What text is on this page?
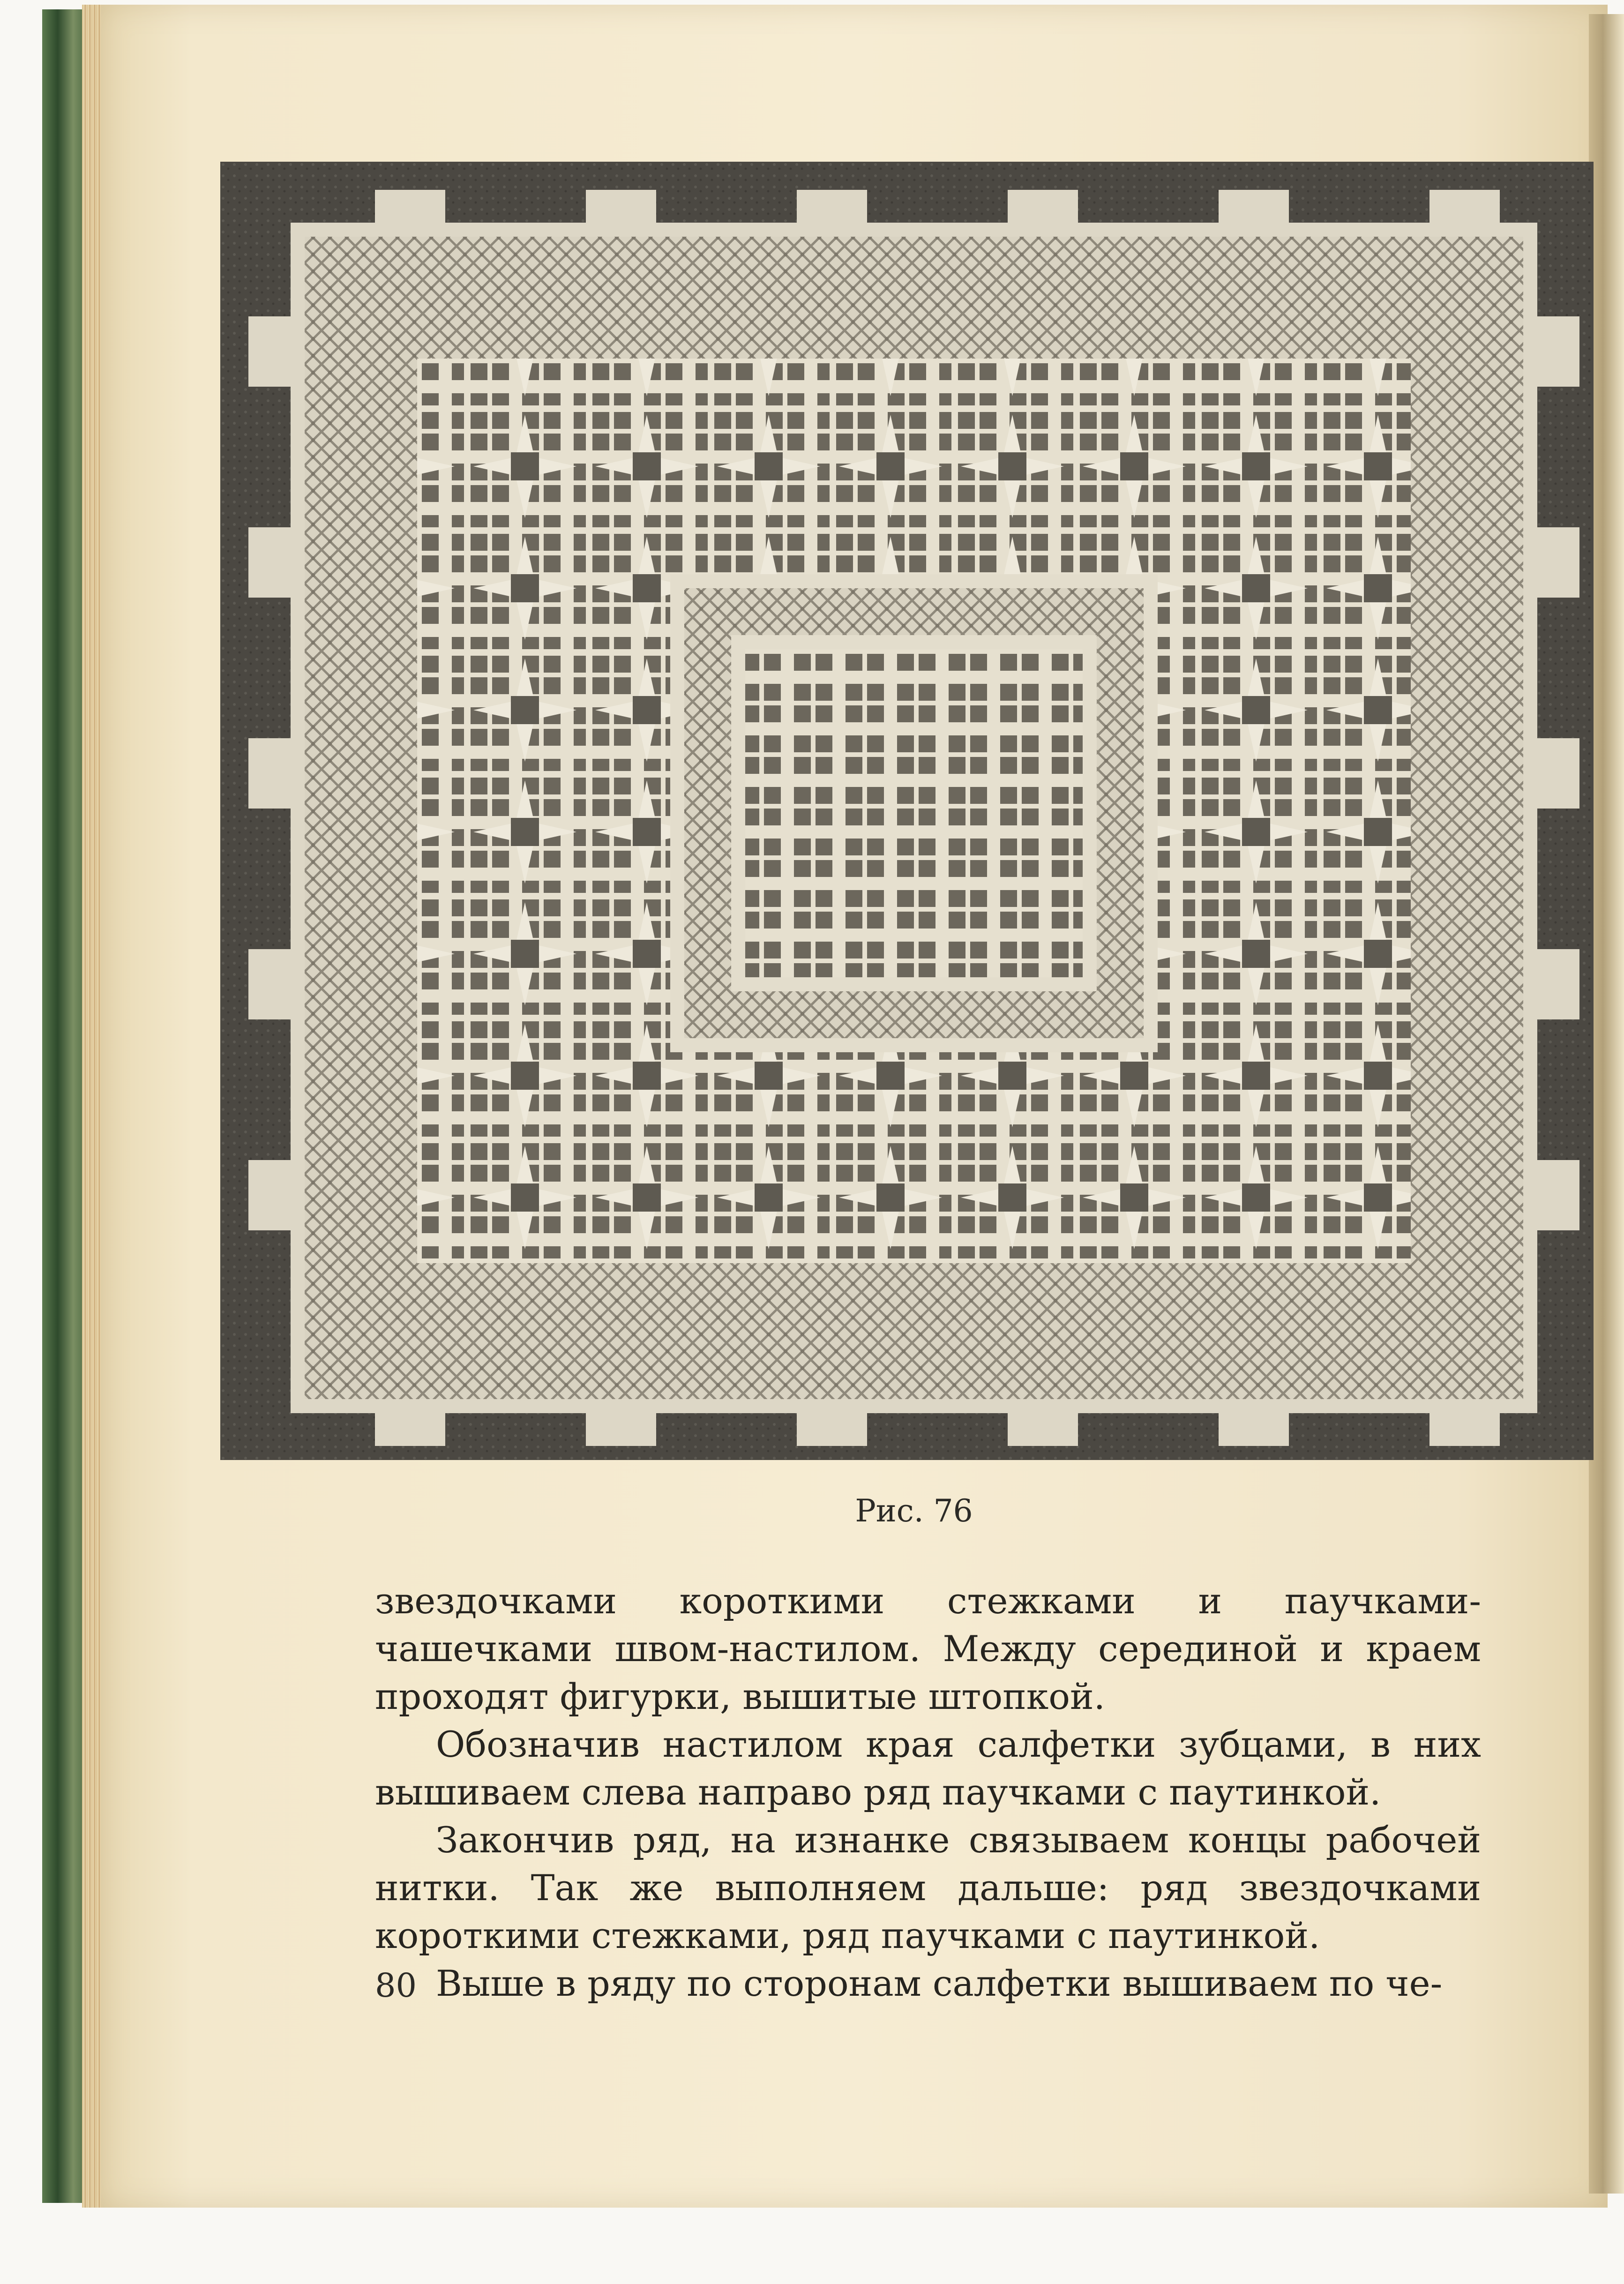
Рис. 76

звездочками короткими стежками и паучками-чашечками швом-настилом. Между серединой и краем проходят фигурки, вышитые штопкой.

Обозначив настилом края салфетки зубцами, в них вышиваем слева направо ряд паучками с паутинкой.

Закончив ряд, на изнанке связываем концы рабочей нитки. Так же выполняем дальше: ряд звездочками короткими стежками, ряд паучками с паутинкой.

Выше в ряду по сторонам салфетки вышиваем по че-

80
